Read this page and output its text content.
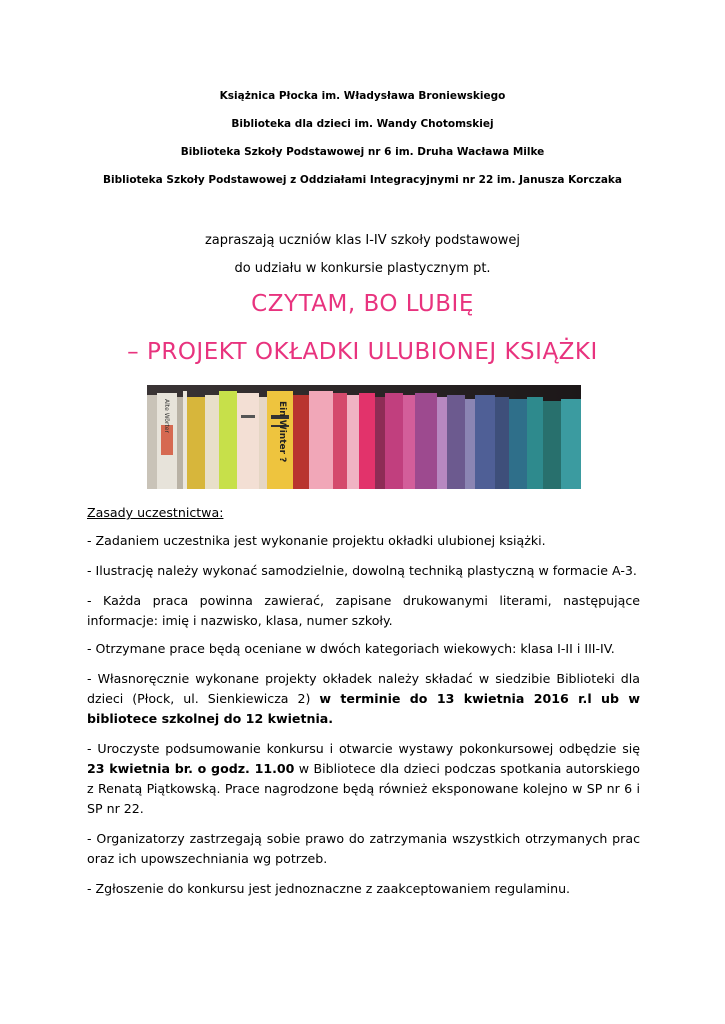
Książnica Płocka im. Władysława Broniewskiego
Biblioteka dla dzieci im. Wandy Chotomskiej
Biblioteka Szkoły Podstawowej nr 6 im. Druha Wacława Milke
Biblioteka Szkoły Podstawowej z Oddziałami Integracyjnymi nr 22 im. Janusza Korczaka
zapraszają uczniów klas I-IV szkoły podstawowej
do udziału w konkursie plastycznym pt.
CZYTAM, BO LUBIĘ
– PROJEKT OKŁADKI ULUBIONEJ KSIĄŻKI
Ein Winter ?
Alte Wörter

Zasady uczestnictwa:

- Zadaniem uczestnika jest wykonanie projektu okładki ulubionej książki.

- Ilustrację należy wykonać samodzielnie, dowolną techniką plastyczną w formacie A-3.

- Każda praca powinna zawierać, zapisane drukowanymi literami, następujące informacje: imię i nazwisko, klasa, numer szkoły.

- Otrzymane prace będą oceniane w dwóch kategoriach wiekowych: klasa I-II i III-IV.

- Własnoręcznie wykonane projekty okładek należy składać w siedzibie Biblioteki dla dzieci (Płock, ul. Sienkiewicza 2) w terminie do 13 kwietnia 2016 r.l ub w bibliotece szkolnej do 12 kwietnia.

- Uroczyste podsumowanie konkursu i otwarcie wystawy pokonkursowej odbędzie się 23 kwietnia br. o godz. 11.00 w Bibliotece dla dzieci podczas spotkania autorskiego z Renatą Piątkowską. Prace nagrodzone będą również eksponowane kolejno w SP nr 6 i SP nr 22.

- Organizatorzy zastrzegają sobie prawo do zatrzymania wszystkich otrzymanych prac oraz ich upowszechniania wg potrzeb.

- Zgłoszenie do konkursu jest jednoznaczne z zaakceptowaniem regulaminu.
